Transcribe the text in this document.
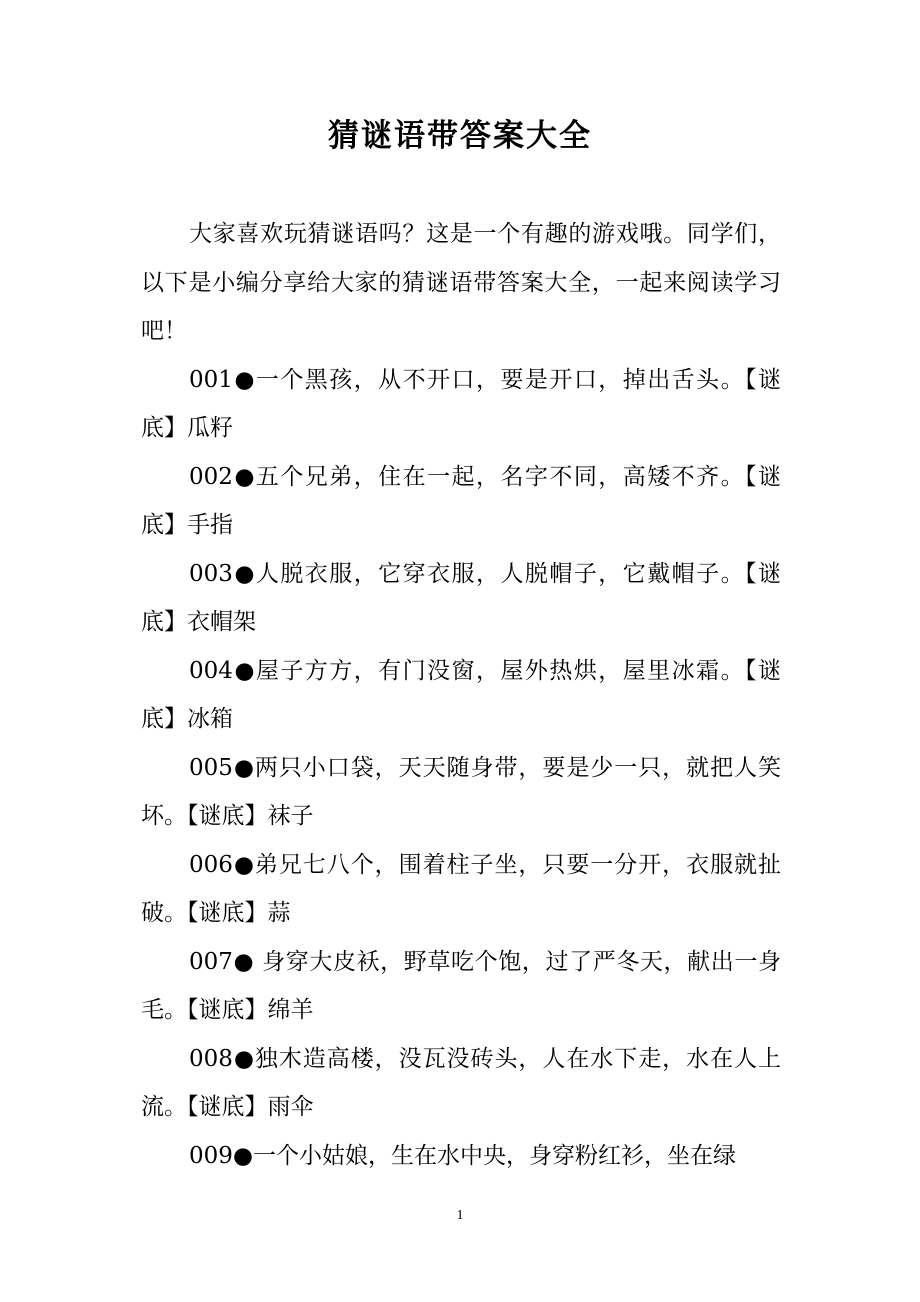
猜谜语带答案大全

大家喜欢玩猜谜语吗？这是一个有趣的游戏哦。同学们，以下是小编分享给大家的猜谜语带答案大全，一起来阅读学习吧！

001●一个黑孩，从不开口，要是开口，掉出舌头。【谜底】瓜籽

002●五个兄弟，住在一起，名字不同，高矮不齐。【谜底】手指

003●人脱衣服，它穿衣服，人脱帽子，它戴帽子。【谜底】衣帽架

004●屋子方方，有门没窗，屋外热烘，屋里冰霜。【谜底】冰箱

005●两只小口袋，天天随身带，要是少一只，就把人笑坏。【谜底】袜子

006●弟兄七八个，围着柱子坐，只要一分开，衣服就扯破。【谜底】蒜

007● 身穿大皮袄，野草吃个饱，过了严冬天，献出一身毛。【谜底】绵羊

008●独木造高楼，没瓦没砖头，人在水下走，水在人上流。【谜底】雨伞

009●一个小姑娘，生在水中央，身穿粉红衫，坐在绿

1
